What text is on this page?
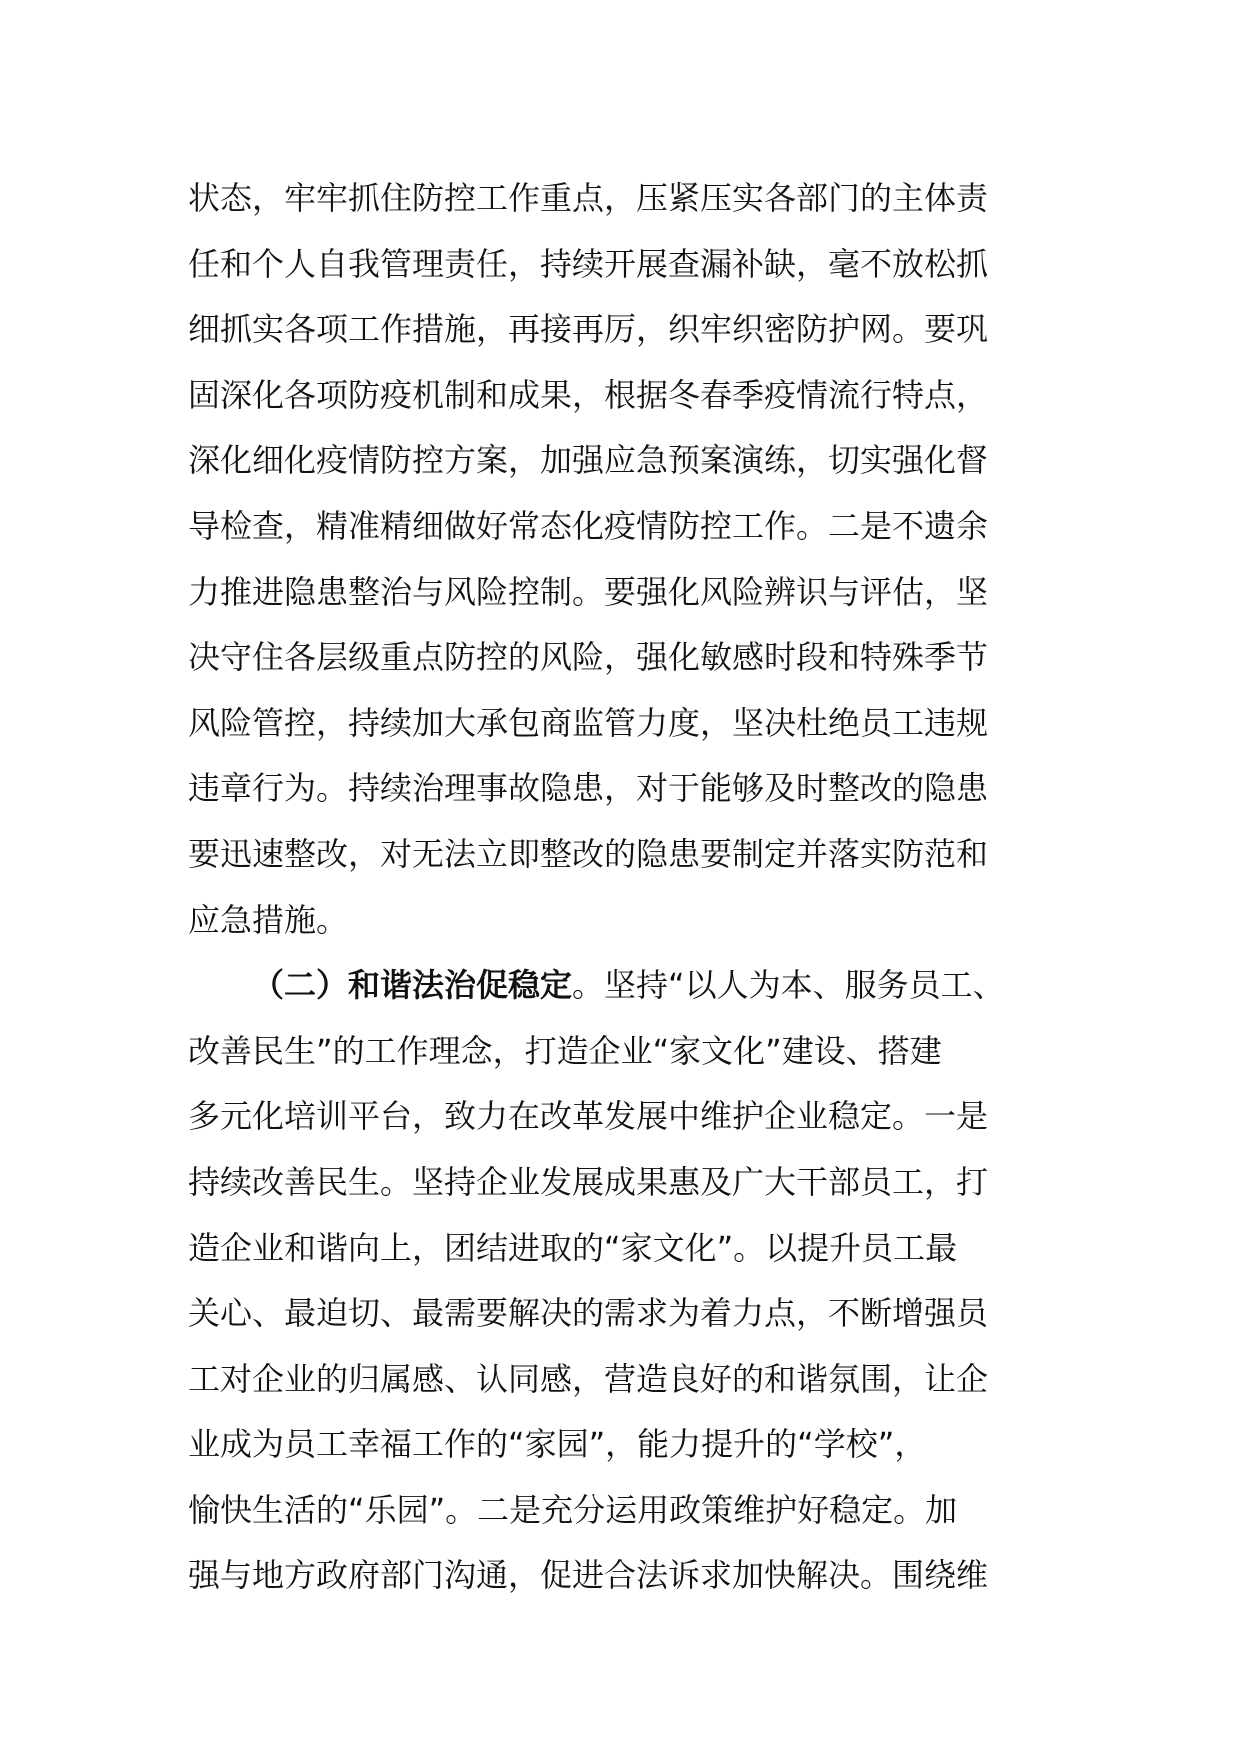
状态，牢牢抓住防控工作重点，压紧压实各部门的主体责
任和个人自我管理责任，持续开展查漏补缺，毫不放松抓
细抓实各项工作措施，再接再厉，织牢织密防护网。要巩
固深化各项防疫机制和成果，根据冬春季疫情流行特点，
深化细化疫情防控方案，加强应急预案演练，切实强化督
导检查，精准精细做好常态化疫情防控工作。二是不遗余
力推进隐患整治与风险控制。要强化风险辨识与评估，坚
决守住各层级重点防控的风险，强化敏感时段和特殊季节
风险管控，持续加大承包商监管力度，坚决杜绝员工违规
违章行为。持续治理事故隐患，对于能够及时整改的隐患
要迅速整改，对无法立即整改的隐患要制定并落实防范和
应急措施。
（二）和谐法治促稳定。坚持“以人为本、服务员工、
改善民生”的工作理念，打造企业“家文化”建设、搭建
多元化培训平台，致力在改革发展中维护企业稳定。一是
持续改善民生。坚持企业发展成果惠及广大干部员工，打
造企业和谐向上，团结进取的“家文化”。以提升员工最
关心、最迫切、最需要解决的需求为着力点，不断增强员
工对企业的归属感、认同感，营造良好的和谐氛围，让企
业成为员工幸福工作的“家园”，能力提升的“学校”，
愉快生活的“乐园”。二是充分运用政策维护好稳定。加
强与地方政府部门沟通，促进合法诉求加快解决。围绕维
